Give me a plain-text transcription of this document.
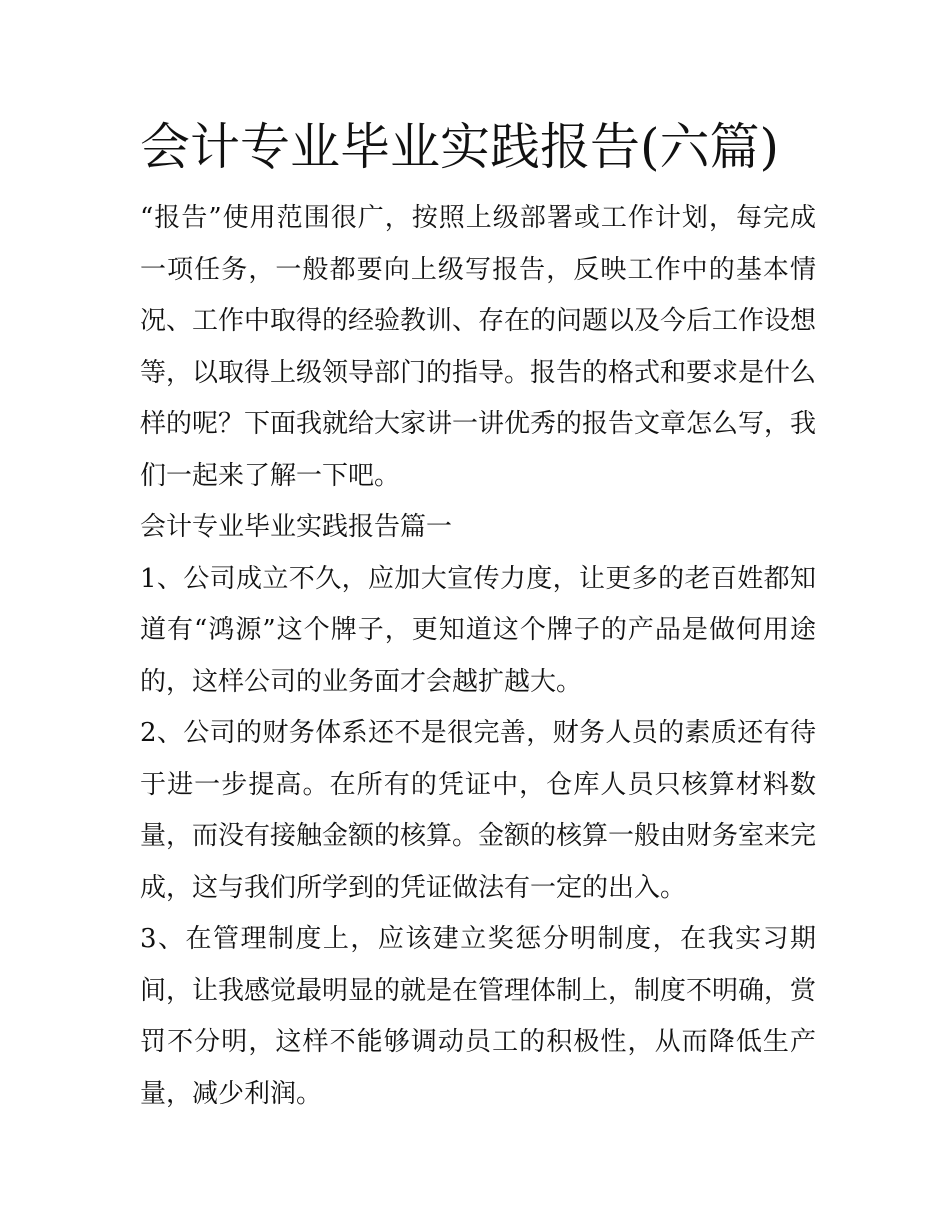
会计专业毕业实践报告(六篇)

“报告”使用范围很广，按照上级部署或工作计划，每完成一项任务，一般都要向上级写报告，反映工作中的基本情况、工作中取得的经验教训、存在的问题以及今后工作设想等，以取得上级领导部门的指导。报告的格式和要求是什么样的呢？下面我就给大家讲一讲优秀的报告文章怎么写，我们一起来了解一下吧。

会计专业毕业实践报告篇一

1、公司成立不久，应加大宣传力度，让更多的老百姓都知道有“鸿源”这个牌子，更知道这个牌子的产品是做何用途的，这样公司的业务面才会越扩越大。

2、公司的财务体系还不是很完善，财务人员的素质还有待于进一步提高。在所有的凭证中，仓库人员只核算材料数量，而没有接触金额的核算。金额的核算一般由财务室来完成，这与我们所学到的凭证做法有一定的出入。

3、在管理制度上，应该建立奖惩分明制度，在我实习期间，让我感觉最明显的就是在管理体制上，制度不明确，赏罚不分明，这样不能够调动员工的积极性，从而降低生产量，减少利润。
